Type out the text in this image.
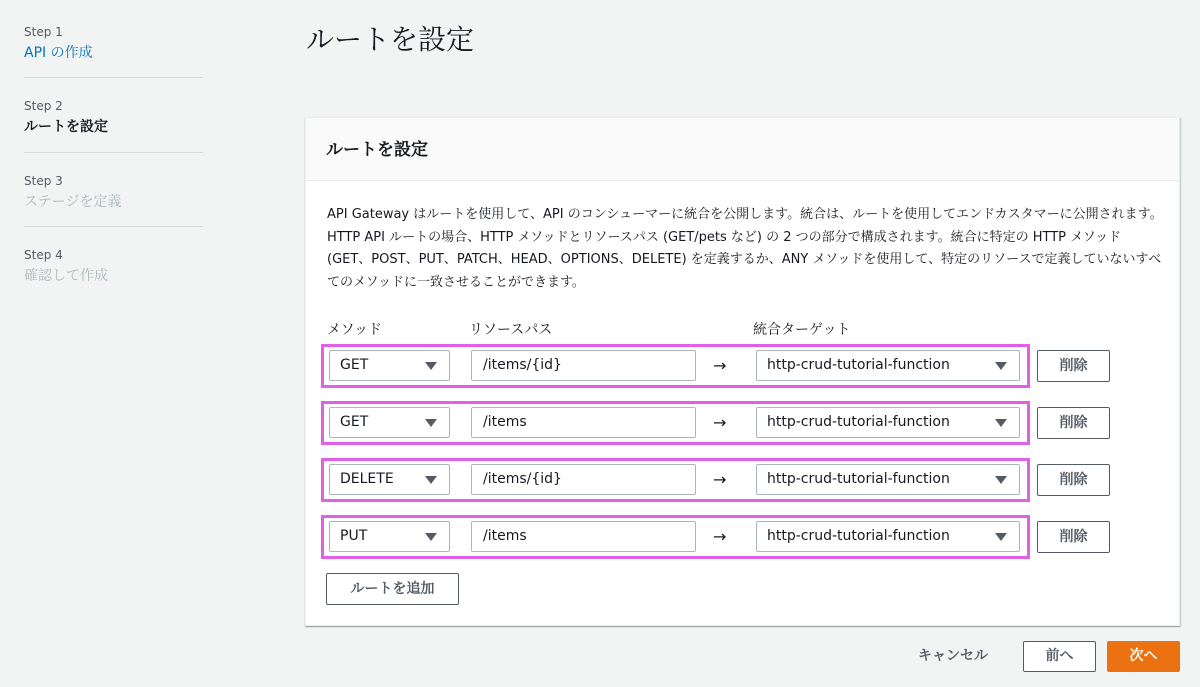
Step 1
API の作成
Step 2
ルートを設定
Step 3
ステージを定義
Step 4
確認して作成
ルートを設定
ルートを設定

API Gateway はルートを使用して、API のコンシューマーに統合を公開します。統合は、ルートを使用してエンドカスタマーに公開されます。HTTP API ルートの場合、HTTP メソッドとリソースパス (GET/pets など) の 2 つの部分で構成されます。統合に特定の HTTP メソッド (GET、POST、PUT、PATCH、HEAD、OPTIONS、DELETE) を定義するか、ANY メソッドを使用して、特定のリソースで定義していないすべてのメソッドに一致させることができます。

メソッド	リソースパス	統合ターゲット
GET	/items/{id}	→	http-crud-tutorial-function	削除
GET	/items	→	http-crud-tutorial-function	削除
DELETE	/items/{id}	→	http-crud-tutorial-function	削除
PUT	/items	→	http-crud-tutorial-function	削除
ルートを追加
キャンセル	前へ	次へ
